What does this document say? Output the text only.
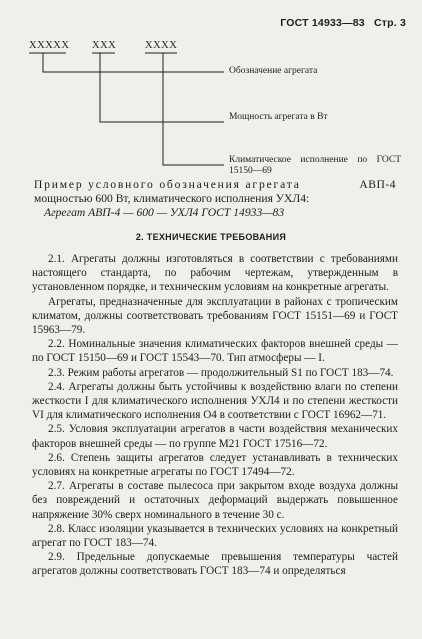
ГОСТ 14933—83 Стр. 3
ХХХХХ ХХХ	ХХХХ
Обозначение агрегата
Мощность агрегата в Вт
Климатическое исполнение по ГОСТ
15150—69
Пример условного обозначения агрегата	АВП-4
мощностью 600 Вт, климатического исполнения УХЛ4:
Агрегат АВП-4 — 600 — УХЛ4 ГОСТ 14933—83
2. ТЕХНИЧЕСКИЕ ТРЕБОВАНИЯ

2.1. Агрегаты должны изготовляться в соответствии с требованиями настоящего стандарта, по рабочим чертежам, утвержденным в установленном порядке, и техническим условиям на конкретные агрегаты.

Агрегаты, предназначенные для эксплуатации в районах с тропическим климатом, должны соответствовать требованиям ГОСТ 15151—69 и ГОСТ 15963—79.

2.2. Номинальные значения климатических факторов внешней среды — по ГОСТ 15150—69 и ГОСТ 15543—70. Тип атмосферы — I.

2.3. Режим работы агрегатов — продолжительный S1 по ГОСТ 183—74.

2.4. Агрегаты должны быть устойчивы к воздействию влаги по степени жесткости I для климатического исполнения УХЛ4 и по степени жесткости VI для климатического исполнения О4 в соответствии с ГОСТ 16962—71.

2.5. Условия эксплуатации агрегатов в части воздействия механических факторов внешней среды — по группе М21 ГОСТ 17516—72.

2.6. Степень защиты агрегатов следует устанавливать в технических условиях на конкретные агрегаты по ГОСТ 17494—72.

2.7. Агрегаты в составе пылесоса при закрытом входе воздуха должны без повреждений и остаточных деформаций выдержать повышенное напряжение 30% сверх номинального в течение 30 с.

2.8. Класс изоляции указывается в технических условиях на конкретный агрегат по ГОСТ 183—74.

2.9. Предельные допускаемые превышения температуры частей агрегатов должны соответствовать ГОСТ 183—74 и определяться
